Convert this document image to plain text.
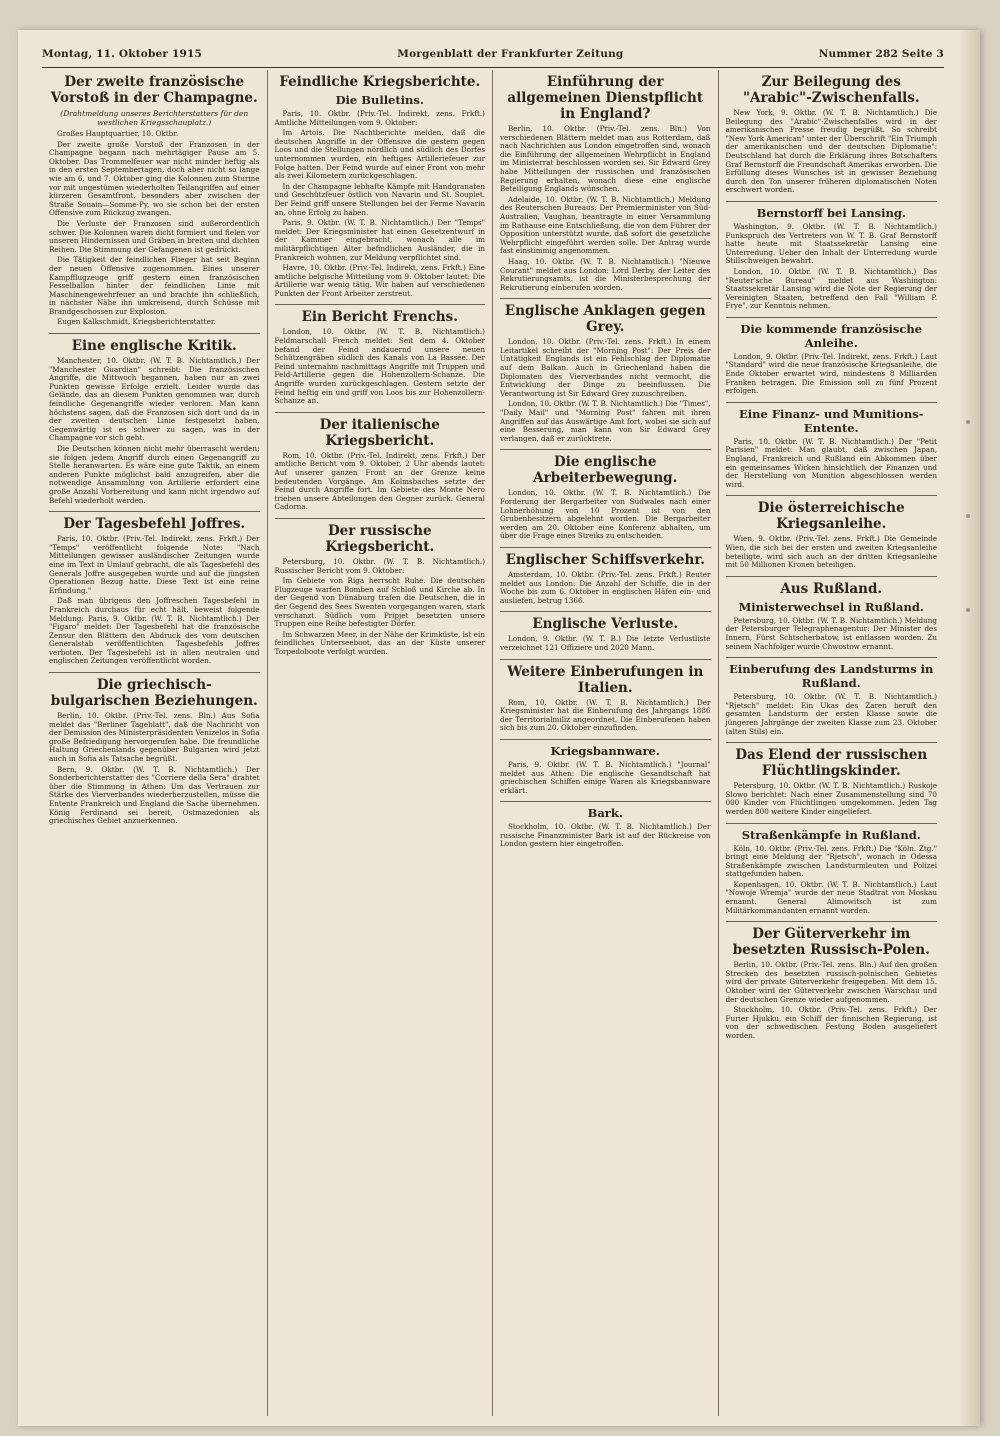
Montag, 11. Oktober 1915	Morgenblatt der Frankfurter Zeitung	Nummer 282 Seite 3
Der zweite französische Vorstoß in der Champagne.
(Drahtmeldung unseres Berichterstatters für den westlichen Kriegsschauplatz.)

Großes Hauptquartier, 10. Oktbr.

Der zweite große Vorstoß der Franzosen in der Champagne begann nach mehrtägiger Pause am 5. Oktober. Das Trommelfeuer war nicht minder heftig als in den ersten Septembertagen, doch aber nicht so lange wie am 6. und 7. Oktober ging die Kolonnen zum Sturme vor mit ungestümen wiederholten Teilangriffen auf einer kürzeren Gesamtfront, besonders aber zwischen der Straße Souain—Somme-Py, wo sie schon bei der ersten Offensive zum Rückzug zwangen.

Die Verluste der Franzosen sind außerordentlich schwer. Die Kolonnen waren dicht formiert und fielen vor unseren Hindernissen und Gräben in breiten und dichten Reihen. Die Stimmung der Gefangenen ist gedrückt.

Die Tätigkeit der feindlichen Flieger hat seit Beginn der neuen Offensive zugenommen. Eines unserer Kampfflugzeuge griff gestern einen französischen Fesselballon hinter der feindlichen Linie mit Maschinengewehrfeuer an und brachte ihn schließlich, in nächster Nähe ihn umkreisend, durch Schüsse mit Brandgeschossen zur Explosion.

Eugen Kalkschmidt, Kriegsberichterstatter.

Eine englische Kritik.

Manchester, 10. Oktbr. (W. T. B. Nichtamtlich.) Der "Manchester Guardian" schreibt: Die französischen Angriffe, die Mittwoch begannen, haben nur an zwei Punkten gewisse Erfolge erzielt. Leider wurde das Gelände, das an diesem Punkten genommen war, durch feindliche Gegenangriffe wieder verloren. Man kann höchstens sagen, daß die Franzosen sich dort und da in der zweiten deutschen Linie festgesetzt haben. Gegenwärtig ist es schwer zu sagen, was in der Champagne vor sich geht.

Die Deutschen können nicht mehr überrascht werden; sie folgen jedem Angriff durch einen Gegenangriff zu Stelle heranwarten. Es wäre eine gute Taktik, an einem anderen Punkte möglichst bald anzugreifen, aber die notwendige Ansammlung von Artillerie erfordert eine große Anzahl Vorbereitung und kann nicht irgendwo auf Befehl wiederholt werden.

Der Tagesbefehl Joffres.

Paris, 10. Oktbr. (Priv.-Tel. Indirekt, zens. Frkft.) Der "Temps" veröffentlicht folgende Note: "Nach Mitteilungen gewisser ausländischer Zeitungen wurde eine im Text in Umlauf gebracht, die als Tagesbefehl des Generals Joffre ausgegeben wurde und auf die jüngsten Operationen Bezug hatte. Diese Text ist eine reine Erfindung."

Daß man übrigens den Joffreschen Tagesbefehl in Frankreich durchaus für echt hält, beweist folgende Meldung: Paris, 9. Oktbr. (W. T. B. Nichtamtlich.) Der "Figaro" meldet: Der Tagesbefehl hat die französische Zensur den Blättern den Abdruck des vom deutschen Generalstab veröffentlichten Tagesbefehls Joffres verboten. Der Tagesbefehl ist in allen neutralen und englischen Zeitungen veröffentlicht worden.

Die griechisch-bulgarischen Beziehungen.

Berlin, 10. Oktbr. (Priv.-Tel. zens. Bln.) Aus Sofia meldet das "Berliner Tageblatt", daß die Nachricht von der Demission des Ministerpräsidenten Venizelos in Sofia große Befriedigung hervorgerufen habe. Die freundliche Haltung Griechenlands gegenüber Bulgarien wird jetzt auch in Sofia als Tatsache begrüßt.

Bern, 9. Oktbr. (W. T. B. Nichtamtlich.) Der Sonderberichterstatter des "Corriere della Sera" drahtet über die Stimmung in Athen: Um das Vertrauen zur Stärke des Vierverbandes wiederherzustellen, müsse die Entente Frankreich und England die Sache übernehmen. König Ferdinand sei bereit, Ostmazedonien als griechisches Gebiet anzuerkennen.

Feindliche Kriegsberichte.
Die Bulletins.

Paris, 10. Oktbr. (Priv.-Tel. Indirekt, zens. Frkft.) Amtliche Mitteilungen vom 9. Oktober:

Im Artois. Die Nachtberichte melden, daß die deutschen Angriffe in der Offensive die gestern gegen Loos und die Stellungen nördlich und südlich des Dorfes unternommen wurden, ein heftiges Artilleriefeuer zur Folge hatten. Der Feind wurde auf einer Front von mehr als zwei Kilometern zurückgeschlagen.

In der Champagne lebhafte Kämpfe mit Handgranaten und Geschützfeuer östlich von Navarin und St. Souplet. Der Feind griff unsere Stellungen bei der Ferme Navarin an, ohne Erfolg zu haben.

Paris, 9. Oktbr. (W. T. B. Nichtamtlich.) Der "Temps" meldet: Der Kriegsminister hat einen Gesetzentwurf in der Kammer eingebracht, wonach alle im militärpflichtigen Alter befindlichen Ausländer, die in Frankreich wohnen, zur Meldung verpflichtet sind.

Havre, 10. Oktbr. (Priv.-Tel. Indirekt, zens. Frkft.) Eine amtliche belgische Mitteilung vom 9. Oktober lautet: Die Artillerie war wenig tätig. Wir haben auf verschiedenen Punkten der Front Arbeiter zerstreut.

Ein Bericht Frenchs.

London, 10. Oktbr. (W. T. B. Nichtamtlich.) Feldmarschall French meldet: Seit dem 4. Oktober befand der Feind andauernd unsere neuen Schützengräben südlich des Kanals von La Bassée. Der Feind unternahm nachmittags Angriffe mit Truppen und Feld-Artillerie gegen die Hohenzollern-Schanze. Die Angriffe wurden zurückgeschlagen. Gestern setzte der Feind heftig ein und griff von Loos bis zur Hohenzollern-Schanze an.

Der italienische Kriegsbericht.

Rom, 10. Oktbr. (Priv.-Tel. Indirekt, zens. Frkft.) Der amtliche Bericht vom 9. Oktober, 2 Uhr abends lautet: Auf unserer ganzen Front an der Grenze keine bedeutenden Vorgänge. Am Kolmsbaches setzte der Feind durch Angriffe fort. Im Gebiete des Monte Nero trieben unsere Abteilungen den Gegner zurück. General Cadorna.

Der russische Kriegsbericht.

Petersburg, 10. Oktbr. (W. T. B. Nichtamtlich.) Russischer Bericht vom 9. Oktober:

Im Gebiete von Riga herrscht Ruhe. Die deutschen Flugzeuge warfen Bomben auf Schloß und Kirche ab. In der Gegend von Dünaburg trafen die Deutschen, die in der Gegend des Sees Swenten vorgegangen waren, stark verschanzt. Südlich vom Pripjet besetzten unsere Truppen eine Reihe befestigter Dörfer.

Im Schwarzen Meer, in der Nähe der Krimküste, ist ein feindliches Unterseeboot, das an der Küste unserer Torpedoboote verfolgt wurden.

Einführung der allgemeinen Dienstpflicht in England?

Berlin, 10. Oktbr. (Priv.-Tel. zens. Bln.) Von verschiedenen Blättern meldet man aus Rotterdam, daß nach Nachrichten aus London eingetroffen sind, wonach die Einführung der allgemeinen Wehrpflicht in England im Ministerrat beschlossen worden sei. Sir Edward Grey habe Mitteilungen der russischen und französischen Regierung erhalten, wonach diese eine englische Beteiligung Englands wünschen.

Adelaide, 10. Oktbr. (W. T. B. Nichtamtlich.) Meldung des Reuterschen Bureaus: Der Premierminister von Süd-Australien, Vaughan, beantragte in einer Versammlung im Rathause eine Entschließung, die von dem Führer der Opposition unterstützt wurde, daß sofort die gesetzliche Wehrpflicht eingeführt werden solle. Der Antrag wurde fast einstimmig angenommen.

Haag, 10. Oktbr. (W. T. B. Nichtamtlich.) "Nieuwe Courant" meldet aus London: Lord Derby, der Leiter des Rekrutierungsamts, ist die Ministerbesprechung der Rekrutierung einberufen worden.

Englische Anklagen gegen Grey.

London, 10. Oktbr. (Priv.-Tel. zens. Frkft.) In einem Leitartikel schreibt der "Morning Post": Der Preis der Untätigkeit Englands ist ein Fehlschlag der Diplomatie auf dem Balkan. Auch in Griechenland haben die Diplomaten des Vierverbandes nicht vermocht, die Entwicklung der Dinge zu beeinflussen. Die Verantwortung ist Sir Edward Grey zuzuschreiben.

London, 10. Oktbr. (W. T. B. Nichtamtlich.) Die "Times", "Daily Mail" und "Morning Post" fahren mit ihren Angriffen auf das Auswärtige Amt fort, wobei sie sich auf eine Besserung, man kann von Sir Edward Grey verlangen, daß er zurücktrete.

Die englische Arbeiterbewegung.

London, 10. Oktbr. (W. T. B. Nichtamtlich.) Die Forderung der Bergarbeiter von Südwales nach einer Lohnerhöhung von 10 Prozent ist von den Grubenbesitzern abgelehnt worden. Die Bergarbeiter werden am 20. Oktober eine Konferenz abhalten, um über die Frage eines Streiks zu entscheiden.

Englischer Schiffsverkehr.

Amsterdam, 10. Oktbr. (Priv.-Tel. zens. Frkft.) Reuter meldet aus London: Die Anzahl der Schiffe, die in der Woche bis zum 6. Oktober in englischen Häfen ein- und ausliefen, betrug 1366.

Englische Verluste.

London, 9. Oktbr. (W. T. B.) Die letzte Verlustliste verzeichnet 121 Offiziere und 2020 Mann.

Weitere Einberufungen in Italien.

Rom, 10. Oktbr. (W. T. B. Nichtamtlich.) Der Kriegsminister hat die Einberufung des Jahrgangs 1886 der Territorialmiliz angeordnet. Die Einberufenen haben sich bis zum 20. Oktober einzufinden.

Kriegsbannware.

Paris, 9. Oktbr. (W. T. B. Nichtamtlich.) "Journal" meldet aus Athen: Die englische Gesandtschaft hat griechischen Schiffen einige Waren als Kriegsbannware erklärt.

Bark.

Stockholm, 10. Oktbr. (W. T. B. Nichtamtlich.) Der russische Finanzminister Bark ist auf der Rückreise von London gestern hier eingetroffen.

Zur Beilegung des "Arabic"-Zwischenfalls.

New York, 9. Oktbr. (W. T. B. Nichtamtlich.) Die Beilegung des "Arabic"-Zwischenfalles wird in der amerikanischen Presse freudig begrüßt. So schreibt "New York American" unter der Überschrift "Ein Triumph der amerikanischen und der deutschen Diplomatie": Deutschland hat durch die Erklärung ihres Botschafters Graf Bernstorff die Freundschaft Amerikas erworben. Die Erfüllung dieses Wunsches ist in gewisser Beziehung durch den Ton unserer früheren diplomatischen Noten erschwert worden.

Bernstorff bei Lansing.

Washington, 9. Oktbr. (W. T. B. Nichtamtlich.) Funkspruch des Vertreters von W. T. B. Graf Bernstorff hatte heute mit Staatssekretär Lansing eine Unterredung. Ueber den Inhalt der Unterredung wurde Stillschweigen bewahrt.

London, 10. Oktbr. (W. T. B. Nichtamtlich.) Das "Reuter'sche Bureau" meldet aus Washington: Staatssekretär Lansing wird die Note der Regierung der Vereinigten Staaten, betreffend den Fall "William P. Frye", zur Kenntnis nehmen.

Die kommende französische Anleihe.

London, 9. Oktbr. (Priv.-Tel. Indirekt, zens. Frkft.) Laut "Standard" wird die neue französische Kriegsanleihe, die Ende Oktober erwartet wird, mindestens 8 Milliarden Franken betragen. Die Emission soll zu fünf Prozent erfolgen.

Eine Finanz- und Munitions-Entente.

Paris, 10. Oktbr. (W. T. B. Nichtamtlich.) Der "Petit Parisien" meldet: Man glaubt, daß zwischen Japan, England, Frankreich und Rußland ein Abkommen über ein gemeinsames Wirken hinsichtlich der Finanzen und der Herstellung von Munition abgeschlossen werden wird.

Die österreichische Kriegsanleihe.

Wien, 9. Oktbr. (Priv.-Tel. zens. Frkft.) Die Gemeinde Wien, die sich bei der ersten und zweiten Kriegsanleihe beteiligte, wird sich auch an der dritten Kriegsanleihe mit 50 Millionen Kronen beteiligen.

Aus Rußland.
Ministerwechsel in Rußland.

Petersburg, 10. Oktbr. (W. T. B. Nichtamtlich.) Meldung der Petersburger Telegraphenagentur: Der Minister des Innern, Fürst Schtscherbatow, ist entlassen worden. Zu seinem Nachfolger wurde Chwostow ernannt.

Einberufung des Landsturms in Rußland.

Petersburg, 10. Oktbr. (W. T. B. Nichtamtlich.) "Rjetsch" meldet: Ein Ukas des Zaren beruft den gesamten Landsturm der ersten Klasse sowie die jüngeren Jahrgänge der zweiten Klasse zum 23. Oktober (alten Stils) ein.

Das Elend der russischen Flüchtlingskinder.

Petersburg, 10. Oktbr. (W. T. B. Nichtamtlich.) Ruskoje Slowo berichtet: Nach einer Zusammenstellung sind 70 000 Kinder von Flüchtlingen umgekommen. Jeden Tag werden 800 weitere Kinder eingeliefert.

Straßenkämpfe in Rußland.

Köln, 10. Oktbr. (Priv.-Tel. zens. Frkft.) Die "Köln. Ztg." bringt eine Meldung der "Rjetsch", wonach in Odessa Straßenkämpfe zwischen Landsturmleuten und Polizei stattgefunden haben.

Kopenhagen, 10. Oktbr. (W. T. B. Nichtamtlich.) Laut "Nowoje Wremja" wurde der neue Stadtrat von Moskau ernannt. General Alimowitsch ist zum Militärkommandanten ernannt worden.

Der Güterverkehr im besetzten Russisch-Polen.

Berlin, 10. Oktbr. (Priv.-Tel. zens. Bln.) Auf den großen Strecken des besetzten russisch-polnischen Gebietes wird der private Güterverkehr freigegeben. Mit dem 15. Oktober wird der Güterverkehr zwischen Warschau und der deutschen Grenze wieder aufgenommen.

Stockholm, 10. Oktbr. (Priv.-Tel. zens. Frkft.) Der Furier Hjukku, ein Schiff der finnischen Regierung, ist von der schwedischen Festung Boden ausgeliefert worden.
